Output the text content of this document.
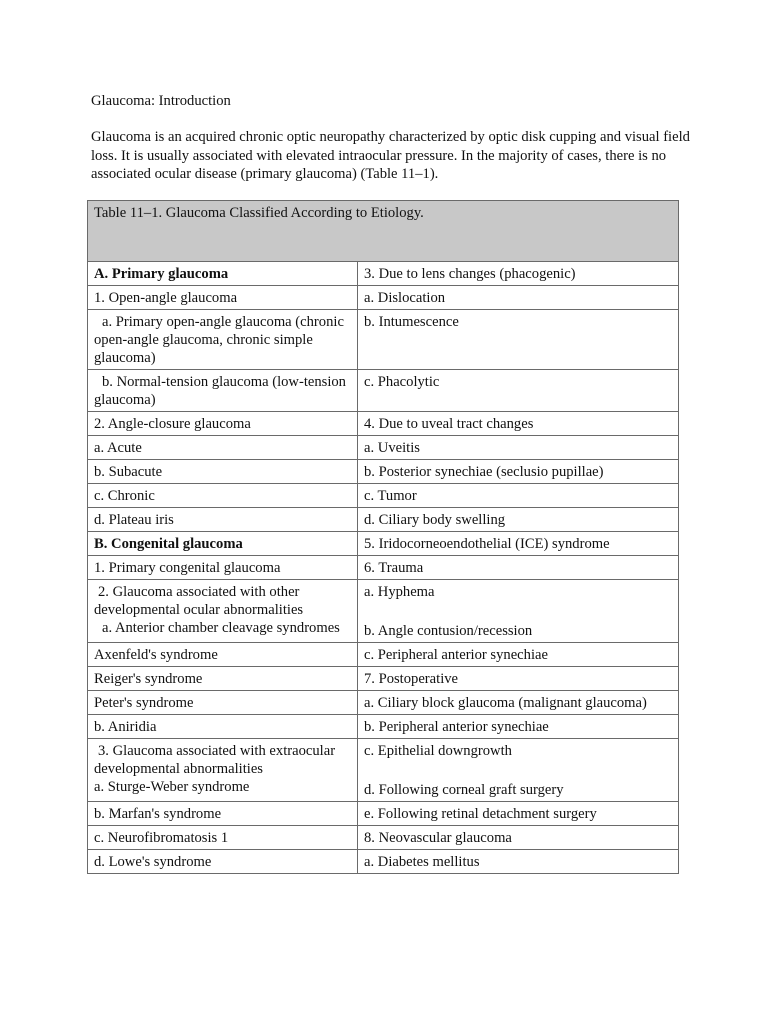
Glaucoma: Introduction
Glaucoma is an acquired chronic optic neuropathy characterized by optic disk cupping and visual field loss. It is usually associated with elevated intraocular pressure. In the majority of cases, there is no associated ocular disease (primary glaucoma) (Table 11–1).
Table 11–1. Glaucoma Classified According to Etiology.	
A. Primary glaucoma	3. Due to lens changes (phacogenic)
1. Open-angle glaucoma	a. Dislocation
a. Primary open-angle glaucoma (chronic open-angle glaucoma, chronic simple glaucoma)	b. Intumescence
b. Normal-tension glaucoma (low-tension glaucoma)	c. Phacolytic
2. Angle-closure glaucoma	4. Due to uveal tract changes
a. Acute	a. Uveitis
b. Subacute	b. Posterior synechiae (seclusio pupillae)
c. Chronic	c. Tumor
d. Plateau iris	d. Ciliary body swelling
B. Congenital glaucoma	5. Iridocorneoendothelial (ICE) syndrome
1. Primary congenital glaucoma	6. Trauma
2. Glaucoma associated with other developmental ocular abnormalities	a. Hyphema
a. Anterior chamber cleavage syndromes	b. Angle contusion/recession
Axenfeld's syndrome	c. Peripheral anterior synechiae
Reiger's syndrome	7. Postoperative
Peter's syndrome	a. Ciliary block glaucoma (malignant glaucoma)
b. Aniridia	b. Peripheral anterior synechiae
3. Glaucoma associated with extraocular developmental abnormalities	c. Epithelial downgrowth
a. Sturge-Weber syndrome	d. Following corneal graft surgery
b. Marfan's syndrome	e. Following retinal detachment surgery
c. Neurofibromatosis 1	8. Neovascular glaucoma
d. Lowe's syndrome	a. Diabetes mellitus
